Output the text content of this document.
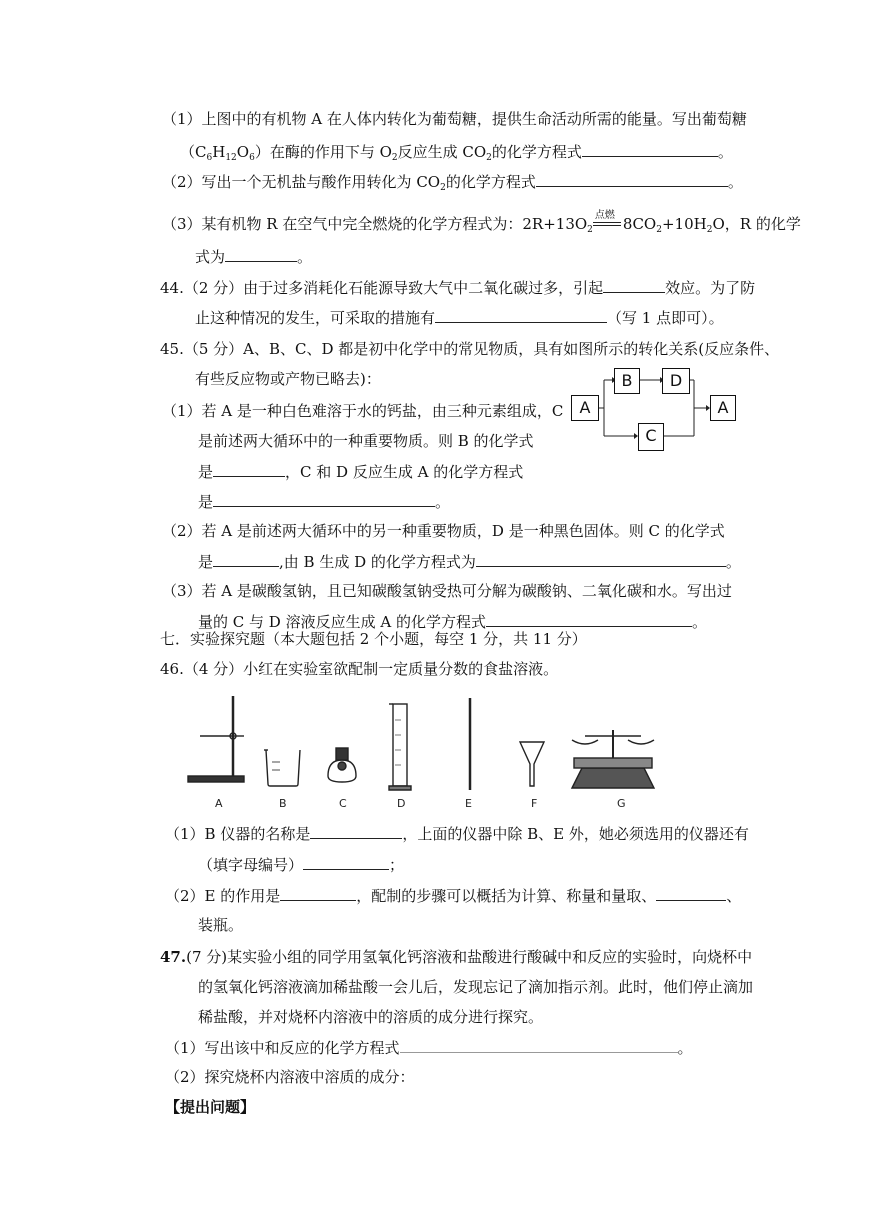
（1）上图中的有机物 A 在人体内转化为葡萄糖，提供生命活动所需的能量。写出葡萄糖
$(C_6H_{12}O_6)$在酶的作用下与 $O_2$反应生成 $CO_2$的化学方程式	。
（2）写出一个无机盐与酸作用转化为 $CO_2$的化学方程式	。
（3）某有机物 R 在空气中完全燃烧的化学方程式为：$2R+13O_2$
点燃 $8CO_2+10H_2O$，R 的化学
式为	。
44.（2 分）由于过多消耗化石能源导致大气中二氧化碳过多，引起	效应。为了防
止这种情况的发生，可采取的措施有	（写 1 点即可）。
45.（5 分）A、B、C、D 都是初中化学中的常见物质，具有如图所示的转化关系(反应条件、
有些反应物或产物已略去)：
（1）若 A 是一种白色难溶于水的钙盐，由三种元素组成，C
是前述两大循环中的一种重要物质。则 B 的化学式
是	，C 和 D 反应生成 A 的化学方程式
是	。
（2）若 A 是前述两大循环中的另一种重要物质，D 是一种黑色固体。则 C 的化学式
是	,由 B 生成 D 的化学方程式为	。
（3）若 A 是碳酸氢钠，且已知碳酸氢钠受热可分解为碳酸钠、二氧化碳和水。写出过
量的 C 与 D 溶液反应生成 A 的化学方程式	。
A
B	D
C
A
七．实验探究题（本大题包括 2 个小题，每空 1 分，共 11 分）
46.（4 分）小红在实验室欲配制一定质量分数的食盐溶液。
A	B	C	D	E	F	G
（1）B 仪器的名称是	，上面的仪器中除 B、E 外，她必须选用的仪器还有
（填字母编号）	；
（2）E 的作用是	，配制的步骤可以概括为计算、称量和量取、	、
装瓶。
47.(7 分)某实验小组的同学用氢氧化钙溶液和盐酸进行酸碱中和反应的实验时，向烧杯中
的氢氧化钙溶液滴加稀盐酸一会儿后，发现忘记了滴加指示剂。此时，他们停止滴加
稀盐酸，并对烧杯内溶液中的溶质的成分进行探究。
（1）写出该中和反应的化学方程式	。
（2）探究烧杯内溶液中溶质的成分：
【提出问题】
